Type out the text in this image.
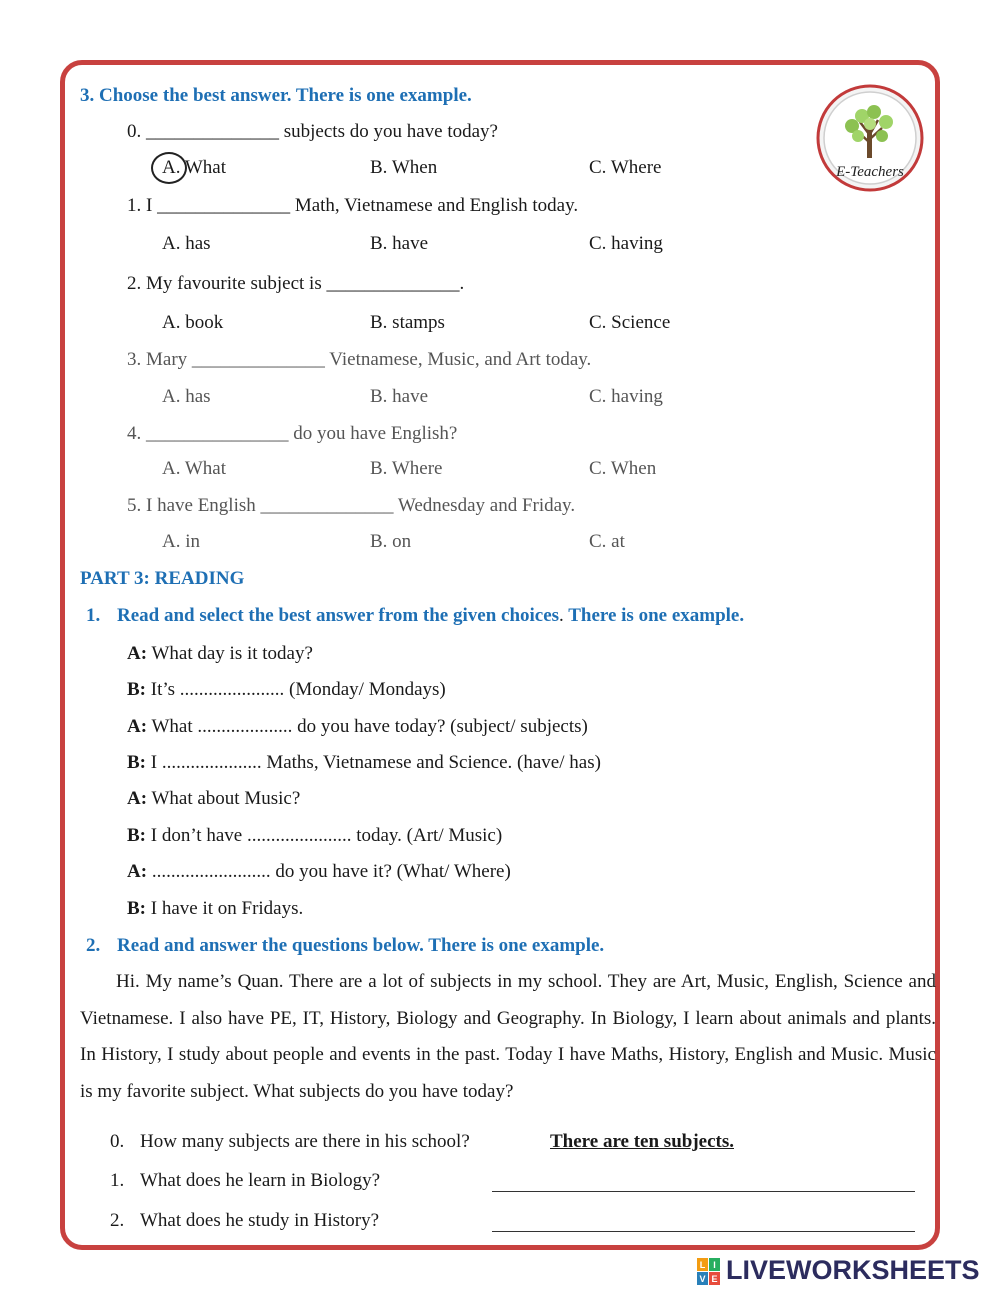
E-Teachers
3. Choose the best answer. There is one example.
0. ______________ subjects do you have today?
A. What	B. When	C. Where
1. I ______________ Math, Vietnamese and English today.
A. has	B. have	C. having
2. My favourite subject is ______________.
A. book	B. stamps	C. Science
3. Mary ______________ Vietnamese, Music, and Art today.
A. has	B. have	C. having
4. _______________ do you have English?
A. What	B. Where	C. When
5. I have English ______________ Wednesday and Friday.
A. in	B. on	C. at
PART 3: READING
1. Read and select the best answer from the given choices. There is one example.
A: What day is it today?
B: It’s ...................... (Monday/ Mondays)
A: What .................... do you have today? (subject/ subjects)
B: I ..................... Maths, Vietnamese and Science. (have/ has)
A: What about Music?
B: I don’t have ...................... today. (Art/ Music)
A: ......................... do you have it? (What/ Where)
B: I have it on Fridays.
2. Read and answer the questions below. There is one example.
Hi. My name’s Quan. There are a lot of subjects in my school. They are Art, Music, English, Science and Vietnamese. I also have PE, IT, History, Biology and Geography. In Biology, I learn about animals and plants. In History, I study about people and events in the past. Today I have Maths, History, English and Music. Music is my favorite subject. What subjects do you have today?
0. How many subjects are there in his school?	There are ten subjects.
1. What does he learn in Biology?
2. What does he study in History?
L I
V E LIVEWORKSHEETS
